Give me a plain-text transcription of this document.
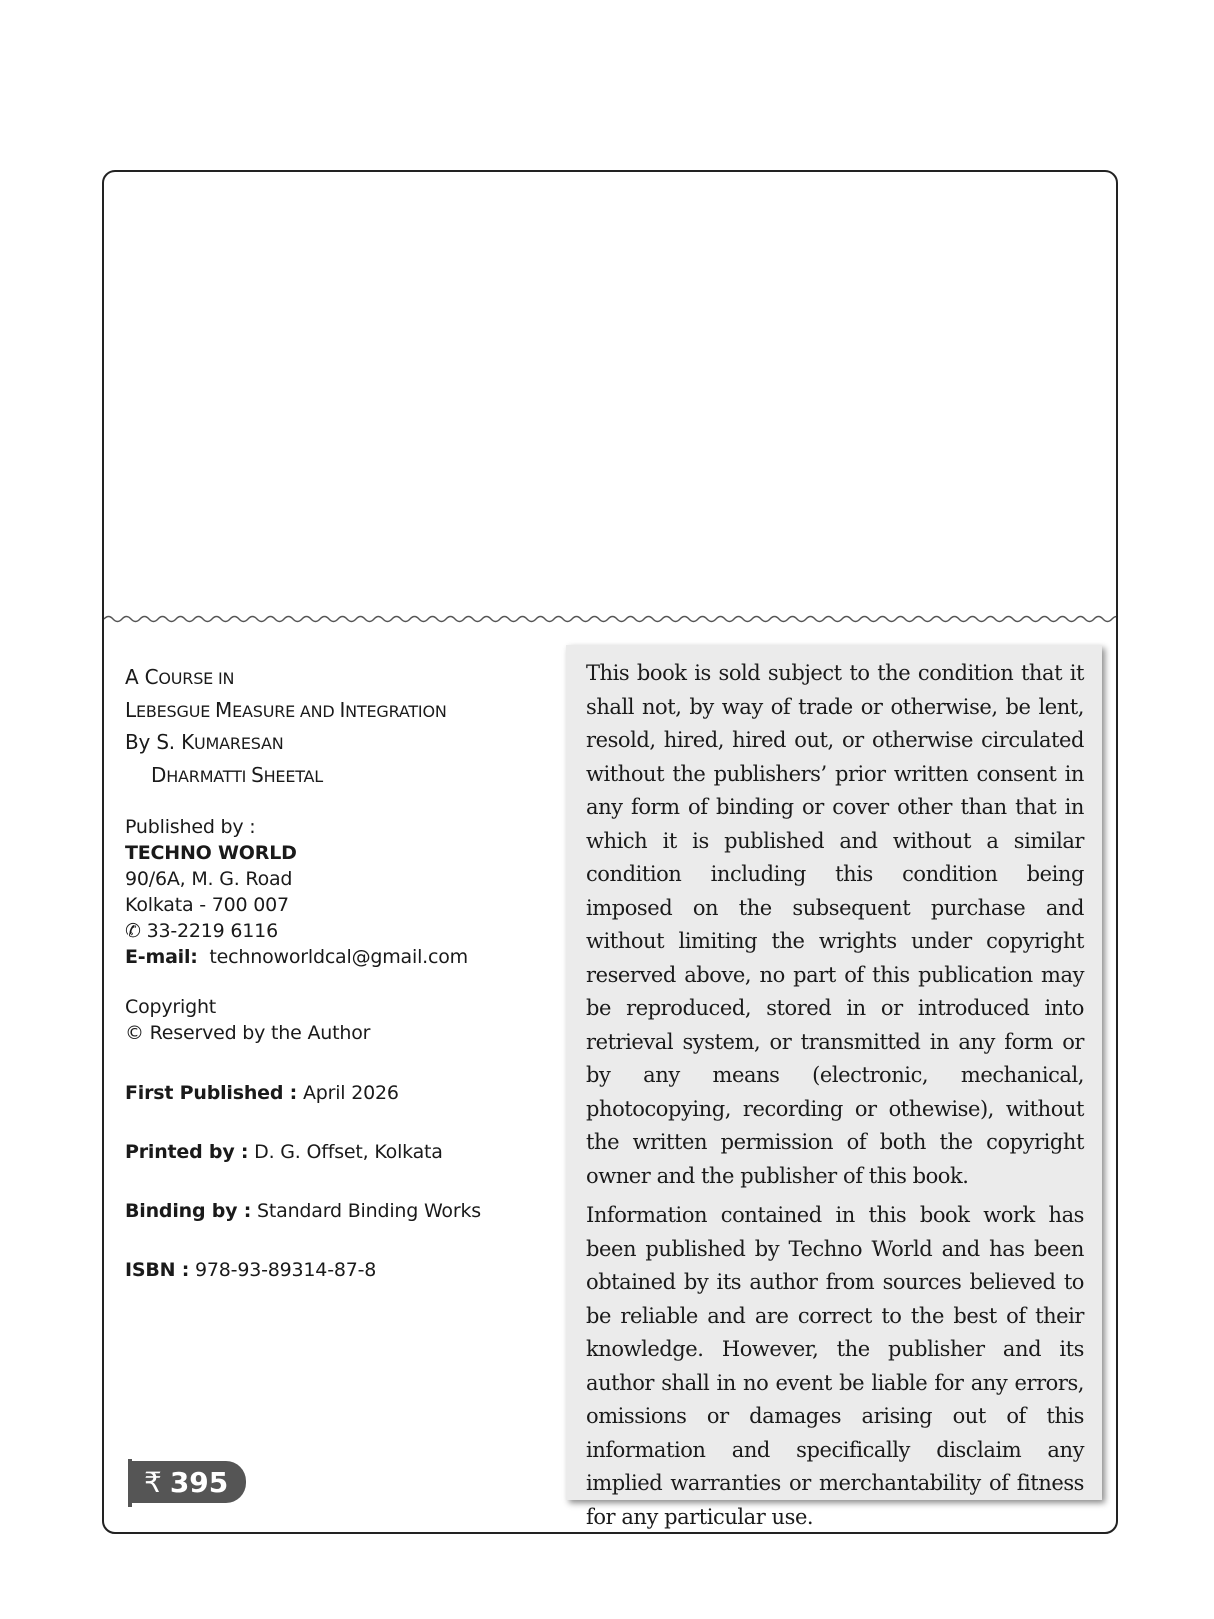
A COURSE IN
LEBESGUE MEASURE AND INTEGRATION
By S. KUMARESAN
DHARMATTI SHEETAL
Published by :
TECHNO WORLD
90/6A, M. G. Road
Kolkata - 700 007
✆ 33-2219 6116
E-mail: technoworldcal@gmail.com
Copyright
© Reserved by the Author
First Published : April 2026
Printed by : D. G. Offset, Kolkata
Binding by : Standard Binding Works
ISBN : 978-93-89314-87-8
₹ 395

This book is sold subject to the condition that it shall not, by way of trade or otherwise, be lent, resold, hired, hired out, or otherwise circulated without the publishers’ prior written consent in any form of binding or cover other than that in which it is published and without a similar condition including this condition being imposed on the subsequent purchase and without limiting the wrights under copyright reserved above, no part of this publication may be reproduced, stored in or introduced into retrieval system, or transmitted in any form or by any means (electronic, mechanical, photocopying, recording or othewise), without the written permission of both the copyright owner and the publisher of this book.

Information contained in this book work has been published by Techno World and has been obtained by its author from sources believed to be reliable and are correct to the best of their knowledge. However, the publisher and its author shall in no event be liable for any errors, omissions or damages arising out of this information and specifically disclaim any implied warranties or merchantability of fitness for any particular use.
